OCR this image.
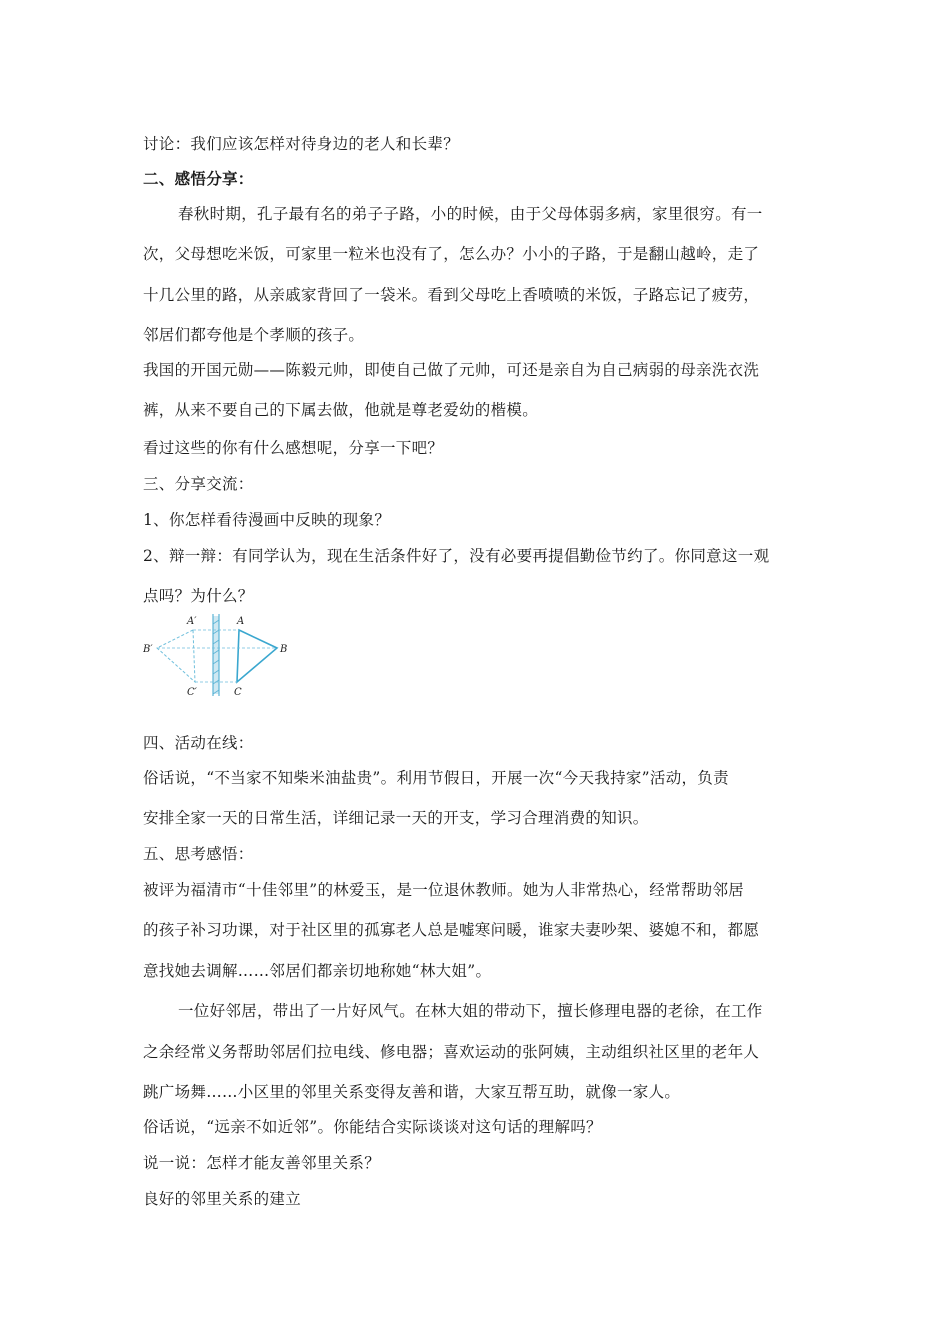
讨论：我们应该怎样对待身边的老人和长辈？
二、感悟分享：
春秋时期，孔子最有名的弟子子路，小的时候，由于父母体弱多病，家里很穷。有一
次，父母想吃米饭，可家里一粒米也没有了，怎么办？小小的子路，于是翻山越岭，走了
十几公里的路，从亲戚家背回了一袋米。看到父母吃上香喷喷的米饭，子路忘记了疲劳，
邻居们都夸他是个孝顺的孩子。
我国的开国元勋——陈毅元帅，即使自己做了元帅，可还是亲自为自己病弱的母亲洗衣洗
裤，从来不要自己的下属去做，他就是尊老爱幼的楷模。
看过这些的你有什么感想呢，分享一下吧？
三、分享交流：
1、你怎样看待漫画中反映的现象？
2、辩一辩：有同学认为，现在生活条件好了，没有必要再提倡勤俭节约了。你同意这一观
点吗？为什么？
A′	A
B′	B
C′	C
四、活动在线：
俗话说，“不当家不知柴米油盐贵”。利用节假日，开展一次“今天我持家”活动，负责
安排全家一天的日常生活，详细记录一天的开支，学习合理消费的知识。
五、思考感悟：
被评为福清市“十佳邻里”的林爱玉，是一位退休教师。她为人非常热心，经常帮助邻居
的孩子补习功课，对于社区里的孤寡老人总是嘘寒问暖，谁家夫妻吵架、婆媳不和，都愿
意找她去调解……邻居们都亲切地称她“林大姐”。
一位好邻居，带出了一片好风气。在林大姐的带动下，擅长修理电器的老徐，在工作
之余经常义务帮助邻居们拉电线、修电器；喜欢运动的张阿姨，主动组织社区里的老年人
跳广场舞……小区里的邻里关系变得友善和谐，大家互帮互助，就像一家人。
俗话说，“远亲不如近邻”。你能结合实际谈谈对这句话的理解吗？
说一说：怎样才能友善邻里关系？
良好的邻里关系的建立
